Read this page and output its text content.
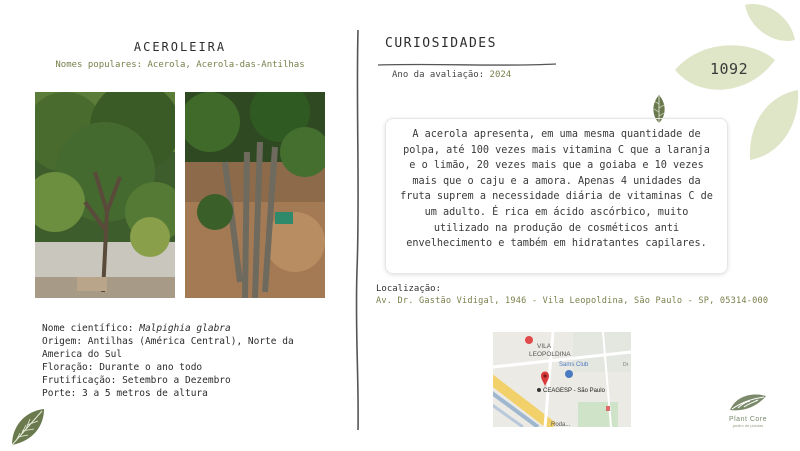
ACEROLEIRA
Nomes populares: Acerola, Acerola-das-Antilhas
Nome científico: Malpighia glabra
Origem: Antilhas (América Central), Norte da America do Sul
Floração: Durante o ano todo
Frutificação: Setembro a Dezembro
Porte: 3 a 5 metros de altura
CURIOSIDADES
Ano da avaliação: 2024
A acerola apresenta, em uma mesma quantidade de polpa, até 100 vezes mais vitamina C que a laranja e o limão, 20 vezes mais que a goiaba e 10 vezes mais que o caju e a amora. Apenas 4 unidades da fruta suprem a necessidade diária de vitaminas C de um adulto. É rica em ácido ascórbico, muito utilizado na produção de cosméticos anti envelhecimento e também em hidratantes capilares.
Localização:
Av. Dr. Gastão Vidigal, 1946 - Vila Leopoldina, São Paulo - SP, 05314-000
VILA
LEOPOLDINA
Sams Club
CEAGESP - São Paulo
Roda...
Dr
1092
Plant Core
jardim de plantas
